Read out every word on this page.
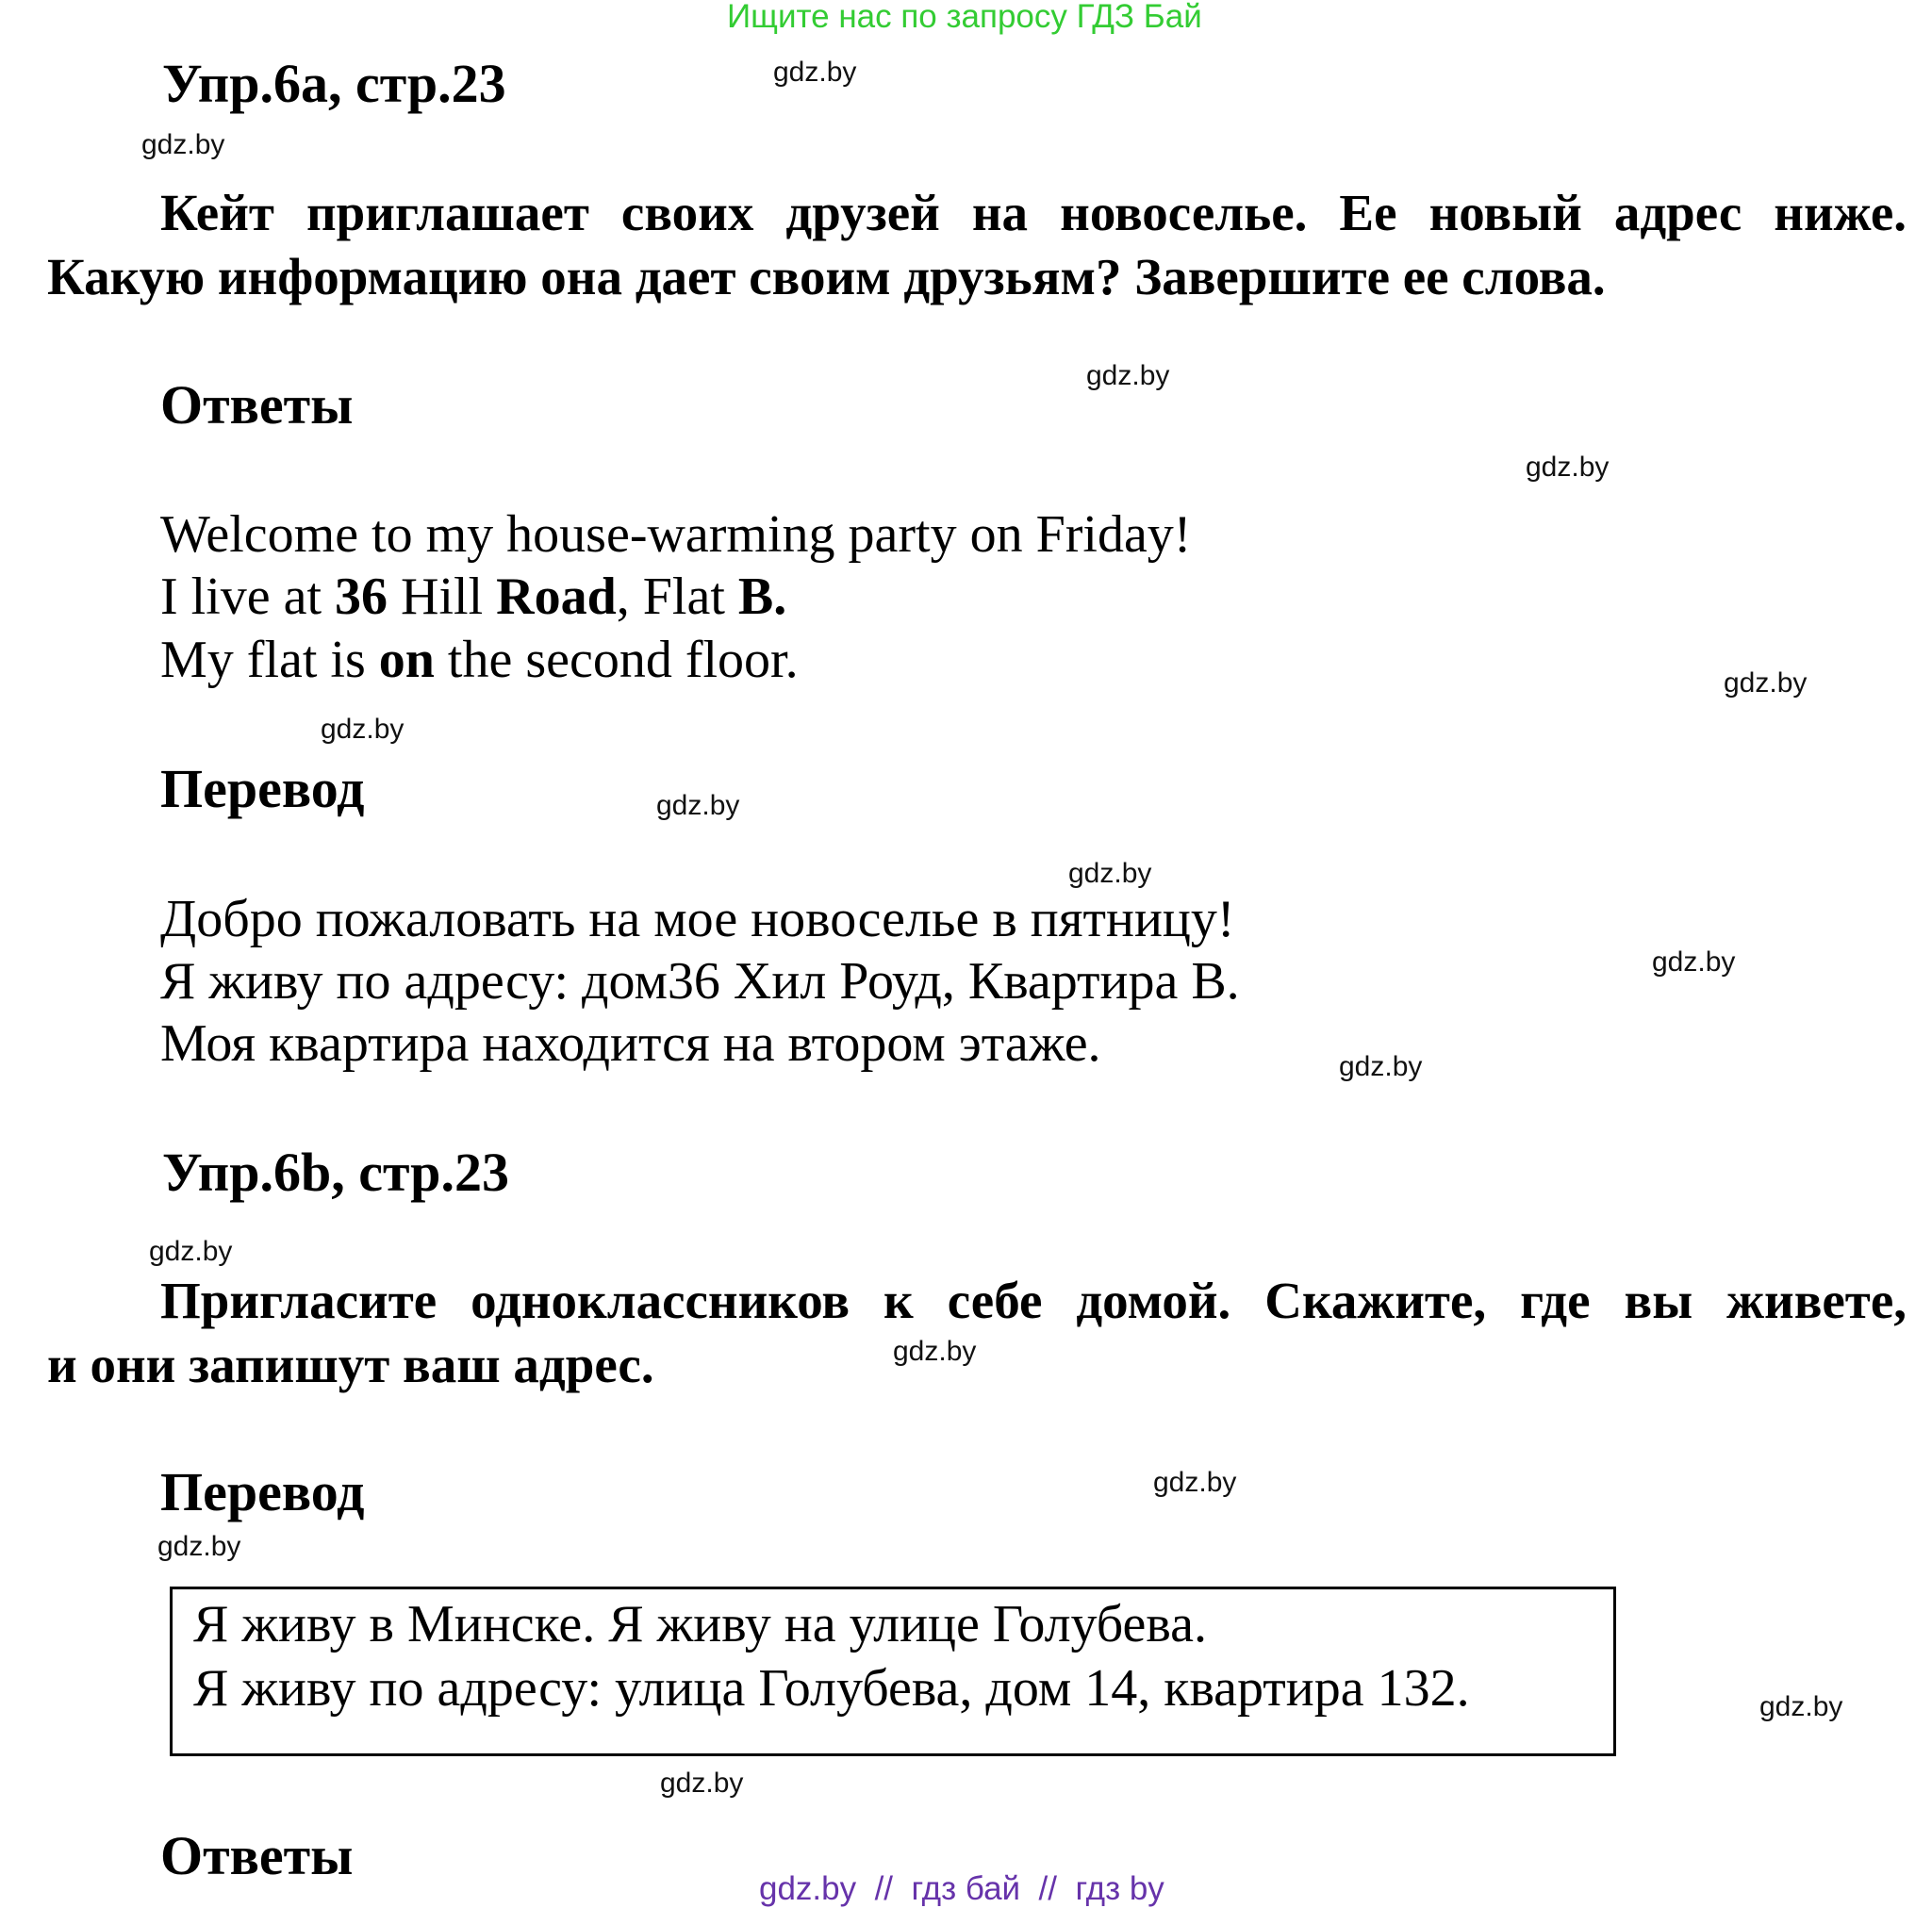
Ищите нас по запросу ГДЗ Бай
Упр.6a, стр.23

Кейт приглашает своих друзей на новоселье. Ее новый адрес ниже.

Какую информацию она дает своим друзьям? Завершите ее слова.

Ответы
Welcome to my house-warming party on Friday!
I live at 36 Hill Road, Flat B.
My flat is on the second floor.
Перевод
Добро пожаловать на мое новоселье в пятницу!
Я живу по адресу: дом36 Хил Роуд, Квартира В.
Моя квартира находится на втором этаже.
Упр.6b, стр.23

Пригласите одноклассников к себе домой. Скажите, где вы живете,

и они запишут ваш адрес.

Перевод
Я живу в Минске. Я живу на улице Голубева.
Я живу по адресу: улица Голубева, дом 14, квартира 132.
Ответы
gdz.by
gdz.by
gdz.by
gdz.by
gdz.by
gdz.by
gdz.by
gdz.by
gdz.by
gdz.by
gdz.by
gdz.by
gdz.by
gdz.by
gdz.by
gdz.by
gdz.by  //  гдз бай  //  гдз by
